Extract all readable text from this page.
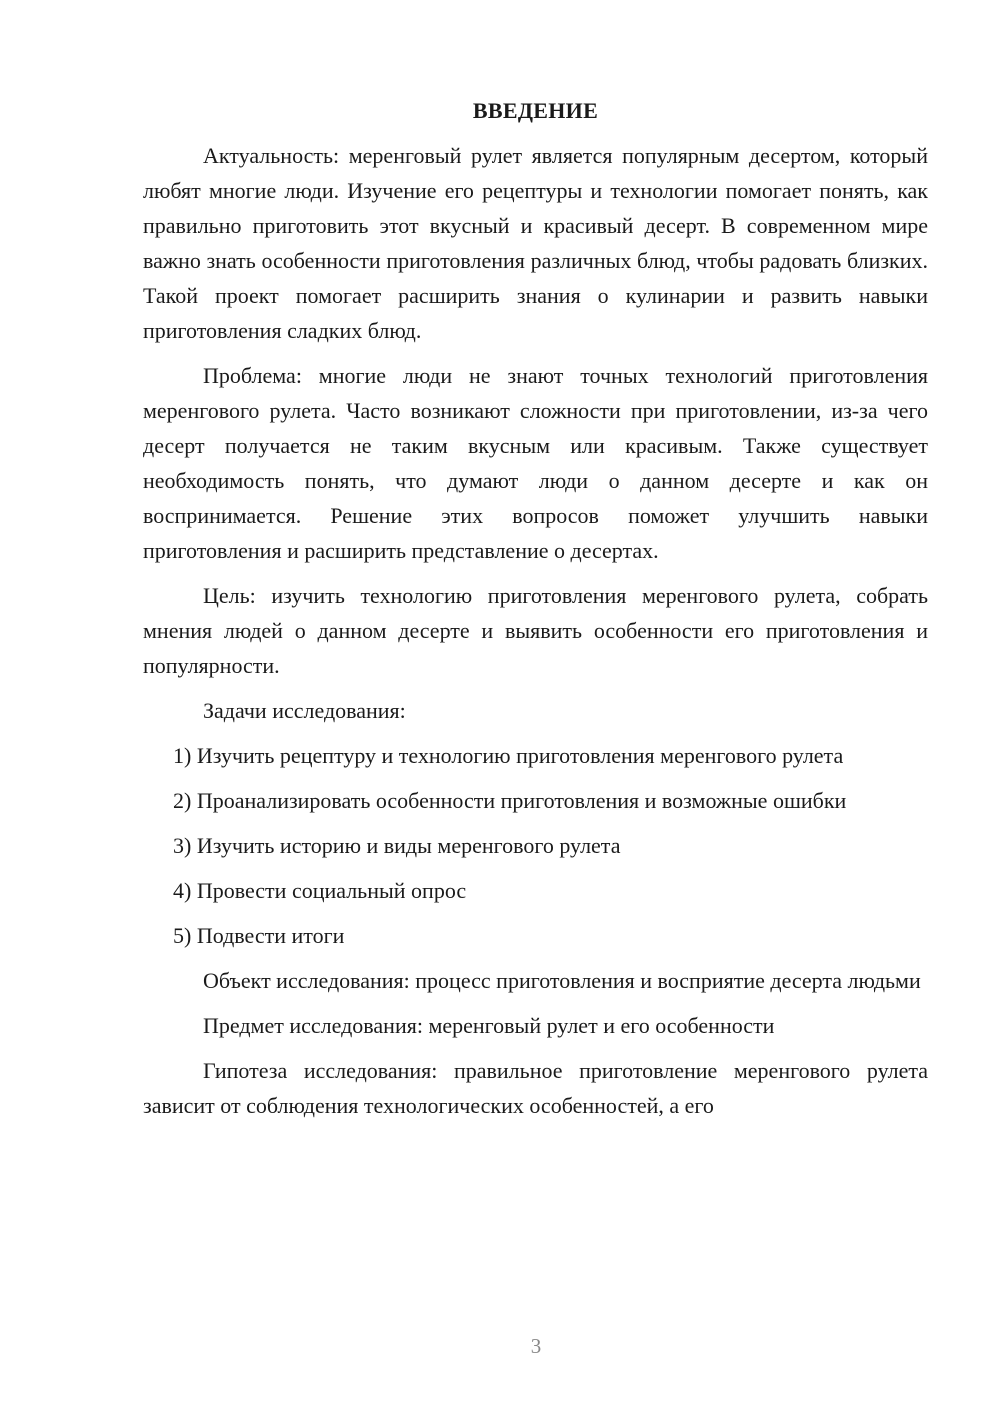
ВВЕДЕНИЕ

Актуальность: меренговый рулет является популярным десертом, который любят многие люди. Изучение его рецептуры и технологии помогает понять, как правильно приготовить этот вкусный и красивый десерт. В современном мире важно знать особенности приготовления различных блюд, чтобы радовать близких. Такой проект помогает расширить знания о кулинарии и развить навыки приготовления сладких блюд.

Проблема: многие люди не знают точных технологий приготовления меренгового рулета. Часто возникают сложности при приготовлении, из-за чего десерт получается не таким вкусным или красивым. Также существует необходимость понять, что думают люди о данном десерте и как он воспринимается. Решение этих вопросов поможет улучшить навыки приготовления и расширить представление о десертах.

Цель: изучить технологию приготовления меренгового рулета, собрать мнения людей о данном десерте и выявить особенности его приготовления и популярности.

Задачи исследования:

1) Изучить рецептуру и технологию приготовления меренгового рулета

2) Проанализировать особенности приготовления и возможные ошибки

3) Изучить историю и виды меренгового рулета

4) Провести социальный опрос

5) Подвести итоги

Объект исследования: процесс приготовления и восприятие десерта людьми

Предмет исследования: меренговый рулет и его особенности

Гипотеза исследования: правильное приготовление меренгового рулета зависит от соблюдения технологических особенностей, а его

3
